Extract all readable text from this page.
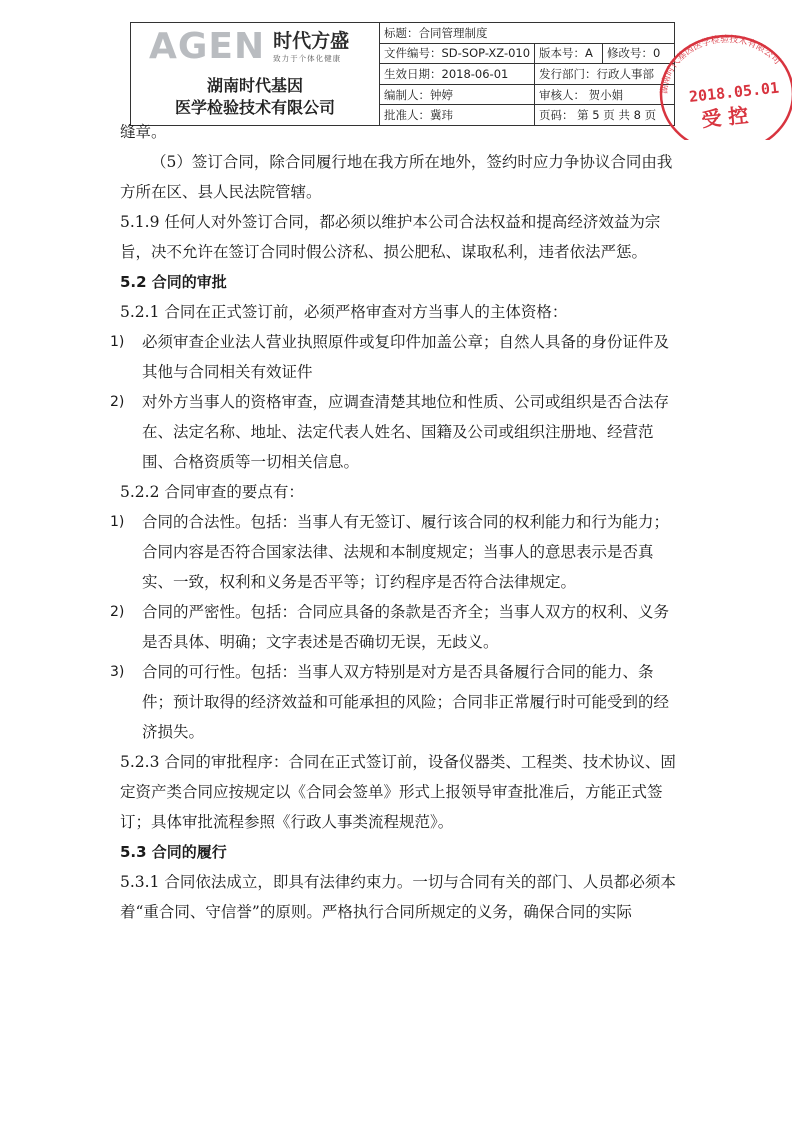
AGEN 时代方盛
致力于个体化健康
湖南时代基因
医学检验技术有限公司
标题：合同管理制度
文件编号：SD-SOP-XZ-010 版本号：A	修改号：0
生效日期：2018-06-01	发行部门：行政人事部
编制人：钟婷	审核人： 贺小娟
批准人：冀玮	页码： 第 5 页 共 8 页
湖南时代基因医学检验技术有限公司
2018.05.01
受 控

缝章。

（5）签订合同，除合同履行地在我方所在地外，签约时应力争协议合同由我方所在区、县人民法院管辖。

5.1.9 任何人对外签订合同，都必须以维护本公司合法权益和提高经济效益为宗旨，决不允许在签订合同时假公济私、损公肥私、谋取私利，违者依法严惩。

5.2 合同的审批

5.2.1 合同在正式签订前，必须严格审查对方当事人的主体资格：

1) 必须审查企业法人营业执照原件或复印件加盖公章；自然人具备的身份证件及其他与合同相关有效证件
2) 对外方当事人的资格审查，应调查清楚其地位和性质、公司或组织是否合法存在、法定名称、地址、法定代表人姓名、国籍及公司或组织注册地、经营范围、合格资质等一切相关信息。

5.2.2 合同审查的要点有：

1) 合同的合法性。包括：当事人有无签订、履行该合同的权利能力和行为能力；合同内容是否符合国家法律、法规和本制度规定；当事人的意思表示是否真实、一致，权利和义务是否平等；订约程序是否符合法律规定。
2) 合同的严密性。包括：合同应具备的条款是否齐全；当事人双方的权利、义务是否具体、明确；文字表述是否确切无误，无歧义。
3) 合同的可行性。包括：当事人双方特别是对方是否具备履行合同的能力、条件；预计取得的经济效益和可能承担的风险；合同非正常履行时可能受到的经济损失。

5.2.3 合同的审批程序：合同在正式签订前，设备仪器类、工程类、技术协议、固定资产类合同应按规定以《合同会签单》形式上报领导审查批准后，方能正式签订；具体审批流程参照《行政人事类流程规范》。

5.3 合同的履行

5.3.1 合同依法成立，即具有法律约束力。一切与合同有关的部门、人员都必须本着“重合同、守信誉”的原则。严格执行合同所规定的义务，确保合同的实际
